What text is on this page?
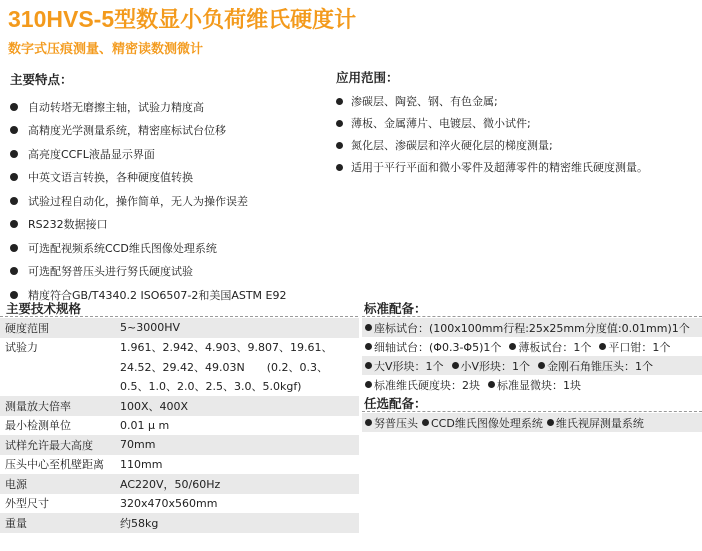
310HVS-5型数显小负荷维氏硬度计
数字式压痕测量、精密读数测微计
主要特点：
自动转塔无磨擦主轴，试验力精度高
高精度光学测量系统，精密座标试台位移
高亮度CCFL液晶显示界面
中英文语言转换，各种硬度值转换
试验过程自动化，操作简单，无人为操作误差
RS232数据接口
可选配视频系统CCD维氏图像处理系统
可选配努普压头进行努氏硬度试验
精度符合GB/T4340.2 ISO6507-2和美国ASTM E92
应用范围：
渗碳层、陶瓷、钢、有色金属;
薄板、金属薄片、电镀层、微小试件;
氮化层、渗碳层和淬火硬化层的梯度测量;
适用于平行平面和微小零件及超薄零件的精密维氏硬度测量。
主要技术规格
硬度范围	5~3000HV
试验力	1.961、2.942、4.903、9.807、19.61、
24.52、29.42、49.03N　　(0.2、0.3、
0.5、1.0、2.0、2.5、3.0、5.0kgf)
测量放大倍率	100X、400X
最小检测单位	0.01 μ m
试样允许最大高度	70mm
压头中心至机壁距离	110mm
电源	AC220V，50/60Hz
外型尺寸	320x470x560mm
重量	约58kg
标准配备：
座标试台：(100x100mm行程:25x25mm分度值:0.01mm)1个
细轴试台：(Φ0.3-Φ5)1个 薄板试台：1个 平口钳：1个
大V形块：1个 小V形块：1个 金刚石角锥压头：1个
标准维氏硬度块：2块 标准显微块：1块
任选配备：
努普压头 CCD维氏图像处理系统 维氏视屏测量系统
